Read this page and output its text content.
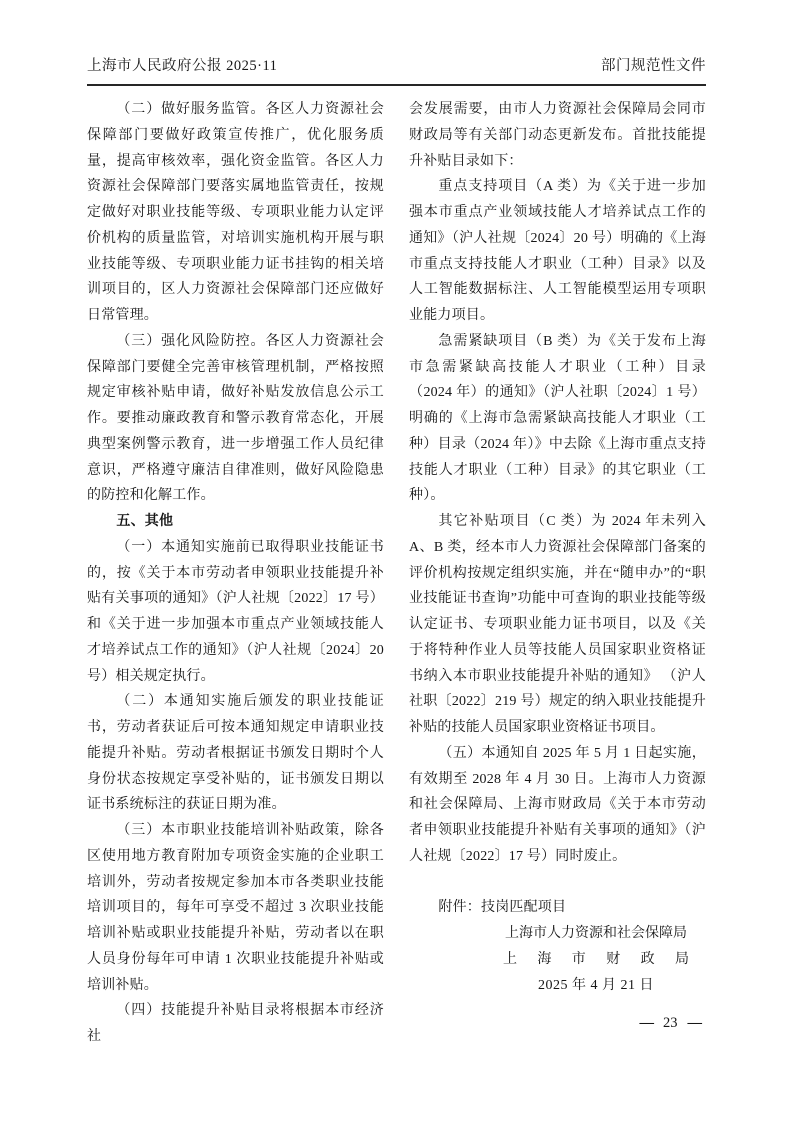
上海市人民政府公报 2025·11	部门规范性文件

（二）做好服务监管。各区人力资源社会保障部门要做好政策宣传推广，优化服务质量，提高审核效率，强化资金监管。各区人力资源社会保障部门要落实属地监管责任，按规定做好对职业技能等级、专项职业能力认定评价机构的质量监管，对培训实施机构开展与职业技能等级、专项职业能力证书挂钩的相关培训项目的，区人力资源社会保障部门还应做好日常管理。

（三）强化风险防控。各区人力资源社会保障部门要健全完善审核管理机制，严格按照规定审核补贴申请，做好补贴发放信息公示工作。要推动廉政教育和警示教育常态化，开展典型案例警示教育，进一步增强工作人员纪律意识，严格遵守廉洁自律准则，做好风险隐患的防控和化解工作。

五、其他

（一）本通知实施前已取得职业技能证书的，按《关于本市劳动者申领职业技能提升补贴有关事项的通知》（沪人社规〔2022〕17 号）和《关于进一步加强本市重点产业领域技能人才培养试点工作的通知》（沪人社规〔2024〕20 号）相关规定执行。

（二）本通知实施后颁发的职业技能证书，劳动者获证后可按本通知规定申请职业技能提升补贴。劳动者根据证书颁发日期时个人身份状态按规定享受补贴的，证书颁发日期以证书系统标注的获证日期为准。

（三）本市职业技能培训补贴政策，除各区使用地方教育附加专项资金实施的企业职工培训外，劳动者按规定参加本市各类职业技能培训项目的，每年可享受不超过 3 次职业技能培训补贴或职业技能提升补贴，劳动者以在职人员身份每年可申请 1 次职业技能提升补贴或培训补贴。

（四）技能提升补贴目录将根据本市经济社

会发展需要，由市人力资源社会保障局会同市财政局等有关部门动态更新发布。首批技能提升补贴目录如下：

重点支持项目（A 类）为《关于进一步加强本市重点产业领域技能人才培养试点工作的通知》（沪人社规〔2024〕20 号）明确的《上海市重点支持技能人才职业（工种）目录》以及人工智能数据标注、人工智能模型运用专项职业能力项目。

急需紧缺项目（B 类）为《关于发布上海市急需紧缺高技能人才职业（工种）目录（2024 年）的通知》（沪人社职〔2024〕1 号）明确的《上海市急需紧缺高技能人才职业（工种）目录（2024 年）》中去除《上海市重点支持技能人才职业（工种）目录》的其它职业（工种）。

其它补贴项目（C 类）为 2024 年未列入 A、B 类，经本市人力资源社会保障部门备案的评价机构按规定组织实施，并在“随申办”的“职业技能证书查询”功能中可查询的职业技能等级认定证书、专项职业能力证书项目，以及《关于将特种作业人员等技能人员国家职业资格证书纳入本市职业技能提升补贴的通知》 （沪人社职〔2022〕219 号）规定的纳入职业技能提升补贴的技能人员国家职业资格证书项目。

（五）本通知自 2025 年 5 月 1 日起实施，有效期至 2028 年 4 月 30 日。上海市人力资源和社会保障局、上海市财政局《关于本市劳动者申领职业技能提升补贴有关事项的通知》（沪人社规〔2022〕17 号）同时废止。

附件：技岗匹配项目

上海市人力资源和社会保障局

上　海　市　财　政　局

2025 年 4 月 21 日

— 23 —
